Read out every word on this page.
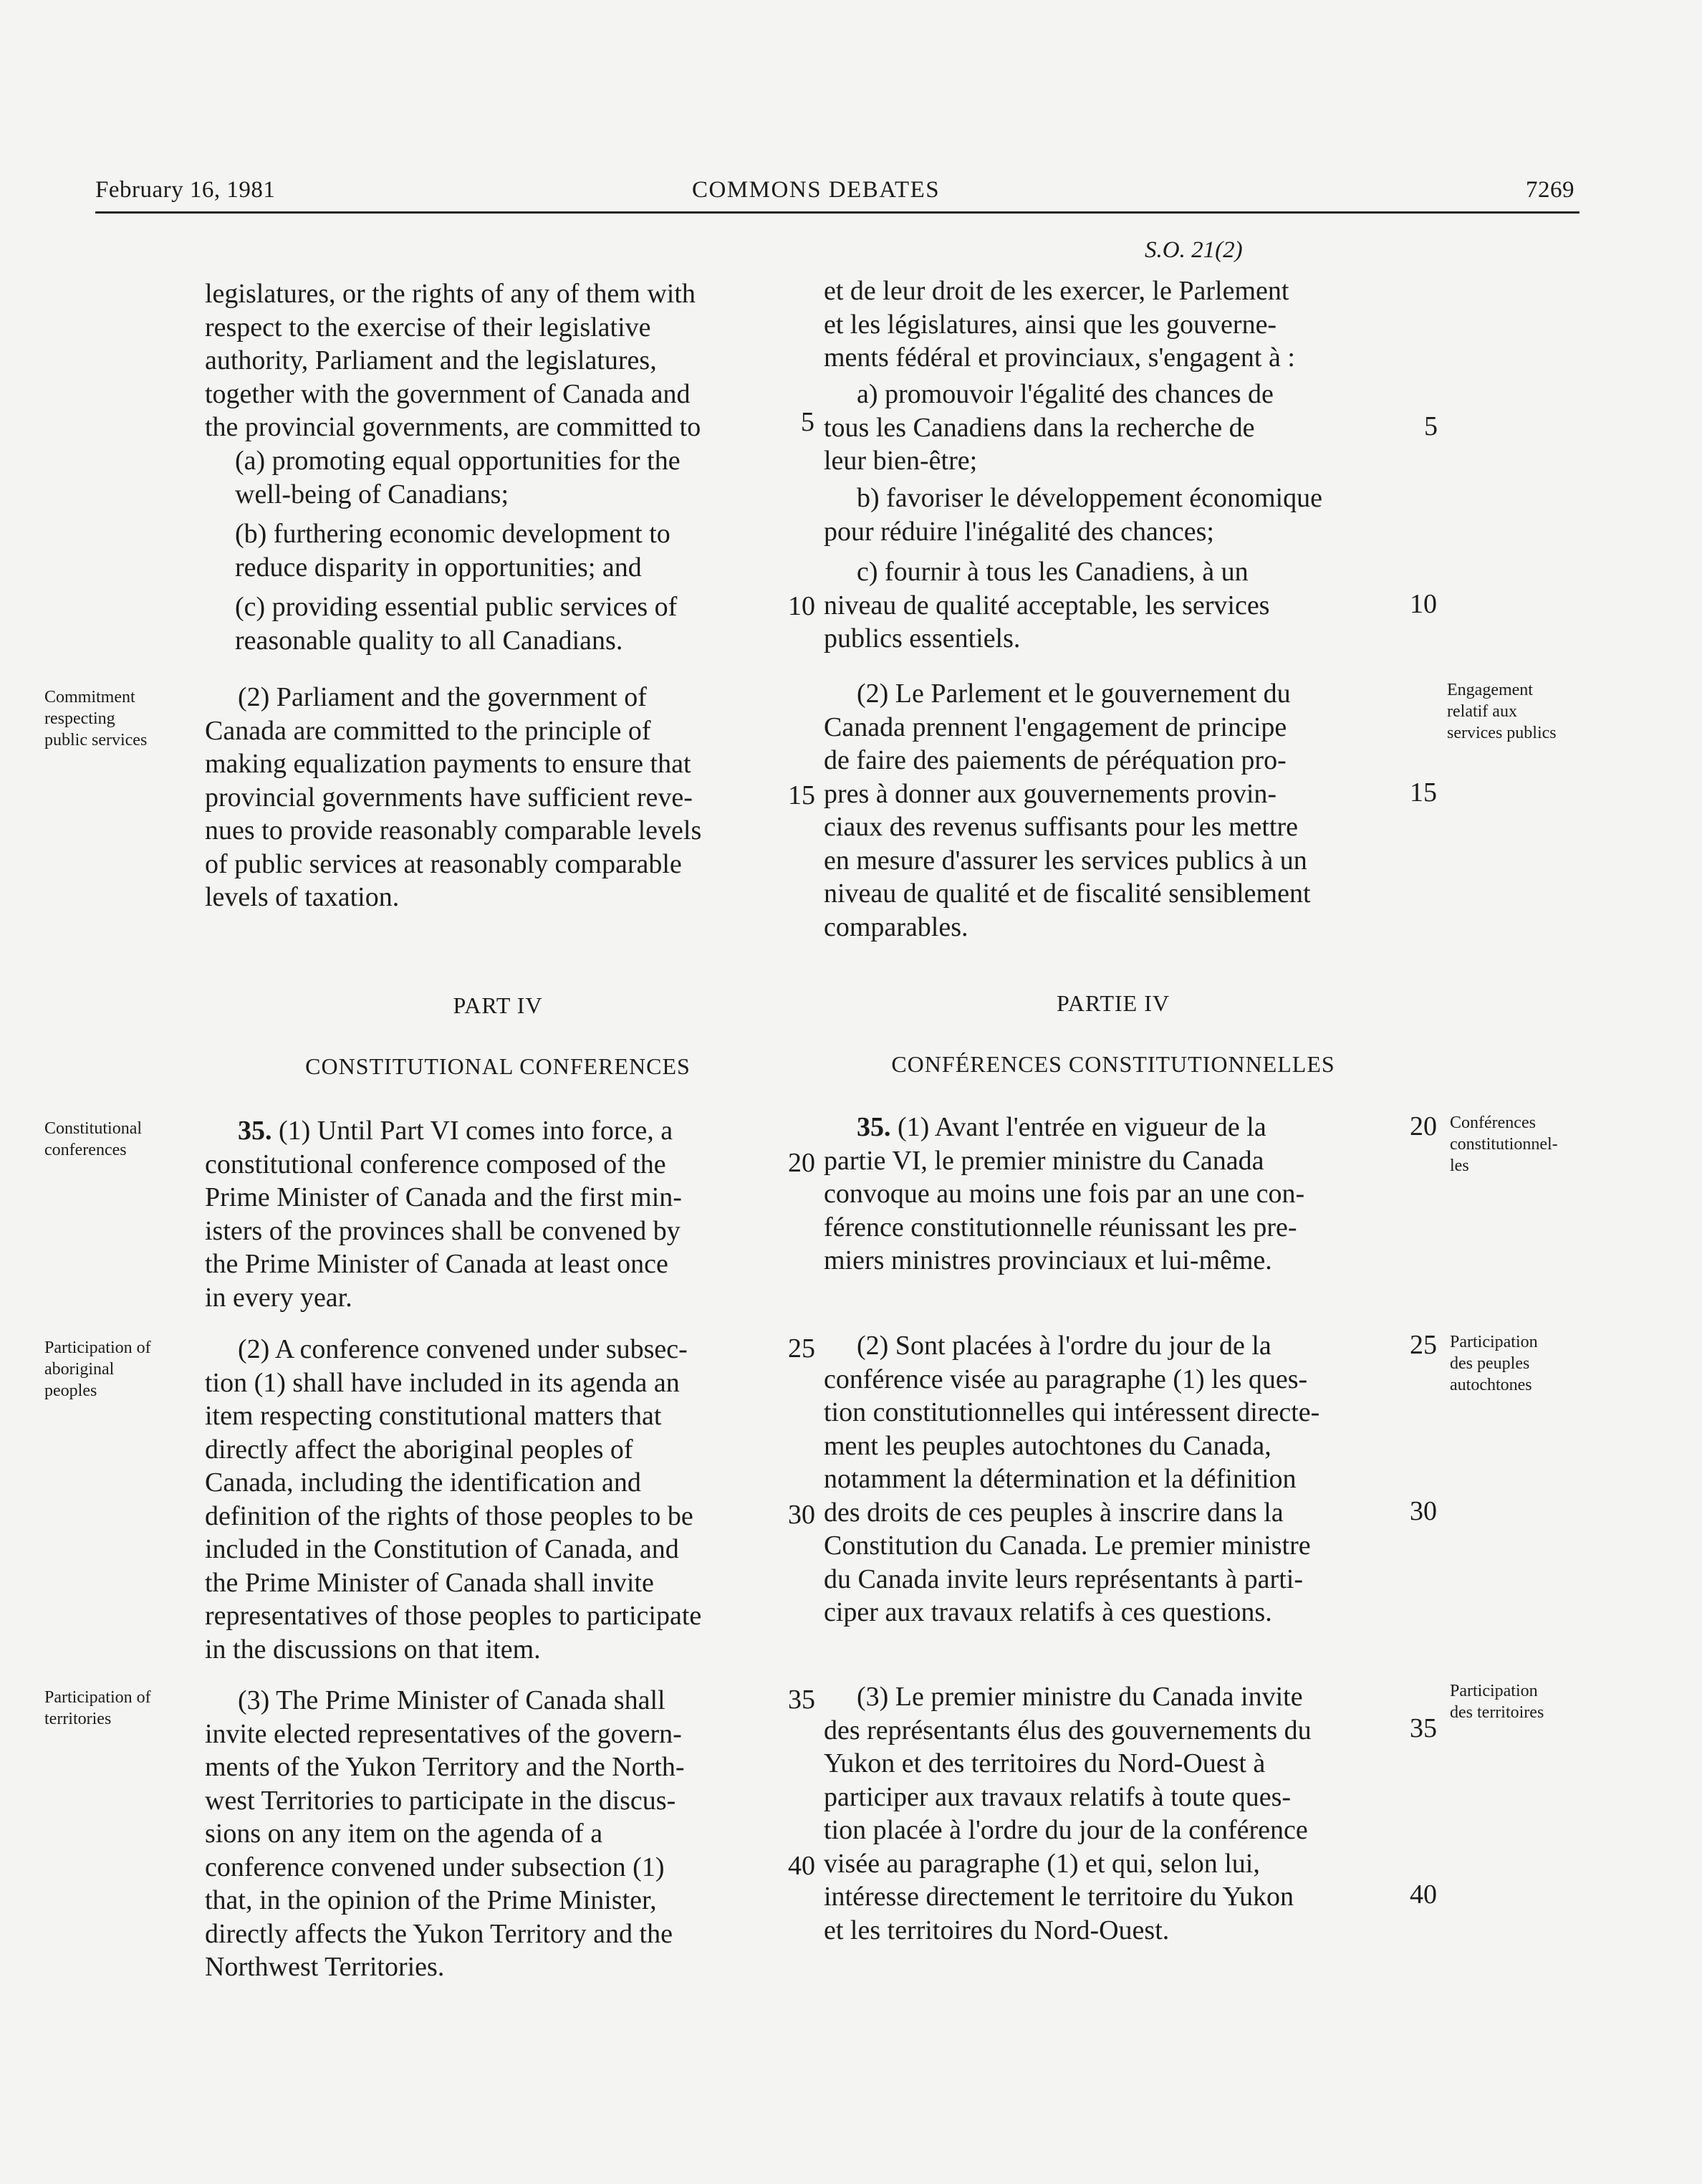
February 16, 1981	COMMONS DEBATES	7269
S.O. 21(2)
legislatures, or the rights of any of them with
respect to the exercise of their legislative
authority, Parliament and the legislatures,
together with the government of Canada and
the provincial governments, are committed to
(a) promoting equal opportunities for the
well-being of Canadians;
(b) furthering economic development to
reduce disparity in opportunities; and
(c) providing essential public services of
reasonable quality to all Canadians.
(2) Parliament and the government of
Canada are committed to the principle of
making equalization payments to ensure that
provincial governments have sufficient reve-
nues to provide reasonably comparable levels
of public services at reasonably comparable
levels of taxation.
PART IV
CONSTITUTIONAL CONFERENCES
35. (1) Until Part VI comes into force, a
constitutional conference composed of the
Prime Minister of Canada and the first min-
isters of the provinces shall be convened by
the Prime Minister of Canada at least once
in every year.
(2) A conference convened under subsec-
tion (1) shall have included in its agenda an
item respecting constitutional matters that
directly affect the aboriginal peoples of
Canada, including the identification and
definition of the rights of those peoples to be
included in the Constitution of Canada, and
the Prime Minister of Canada shall invite
representatives of those peoples to participate
in the discussions on that item.
(3) The Prime Minister of Canada shall
invite elected representatives of the govern-
ments of the Yukon Territory and the North-
west Territories to participate in the discus-
sions on any item on the agenda of a
conference convened under subsection (1)
that, in the opinion of the Prime Minister,
directly affects the Yukon Territory and the
Northwest Territories.
5
10
15
20
25
30
35
40
et de leur droit de les exercer, le Parlement
et les législatures, ainsi que les gouverne-
ments fédéral et provinciaux, s'engagent à :
a) promouvoir l'égalité des chances de
tous les Canadiens dans la recherche de
leur bien-être;
b) favoriser le développement économique
pour réduire l'inégalité des chances;
c) fournir à tous les Canadiens, à un
niveau de qualité acceptable, les services
publics essentiels.
(2) Le Parlement et le gouvernement du
Canada prennent l'engagement de principe
de faire des paiements de péréquation pro-
pres à donner aux gouvernements provin-
ciaux des revenus suffisants pour les mettre
en mesure d'assurer les services publics à un
niveau de qualité et de fiscalité sensiblement
comparables.
PARTIE IV
CONFÉRENCES CONSTITUTIONNELLES
35. (1) Avant l'entrée en vigueur de la
partie VI, le premier ministre du Canada
convoque au moins une fois par an une con-
férence constitutionnelle réunissant les pre-
miers ministres provinciaux et lui-même.
(2) Sont placées à l'ordre du jour de la
conférence visée au paragraphe (1) les ques-
tion constitutionnelles qui intéressent directe-
ment les peuples autochtones du Canada,
notamment la détermination et la définition
des droits de ces peuples à inscrire dans la
Constitution du Canada. Le premier ministre
du Canada invite leurs représentants à parti-
ciper aux travaux relatifs à ces questions.
(3) Le premier ministre du Canada invite
des représentants élus des gouvernements du
Yukon et des territoires du Nord-Ouest à
participer aux travaux relatifs à toute ques-
tion placée à l'ordre du jour de la conférence
visée au paragraphe (1) et qui, selon lui,
intéresse directement le territoire du Yukon
et les territoires du Nord-Ouest.
5
10
15
20
25
30
35
40
Commitment
respecting
public services
Constitutional
conferences
Participation of
aboriginal
peoples
Participation of
territories
Engagement
relatif aux
services publics
Conférences
constitutionnel-
les
Participation
des peuples
autochtones
Participation
des territoires
